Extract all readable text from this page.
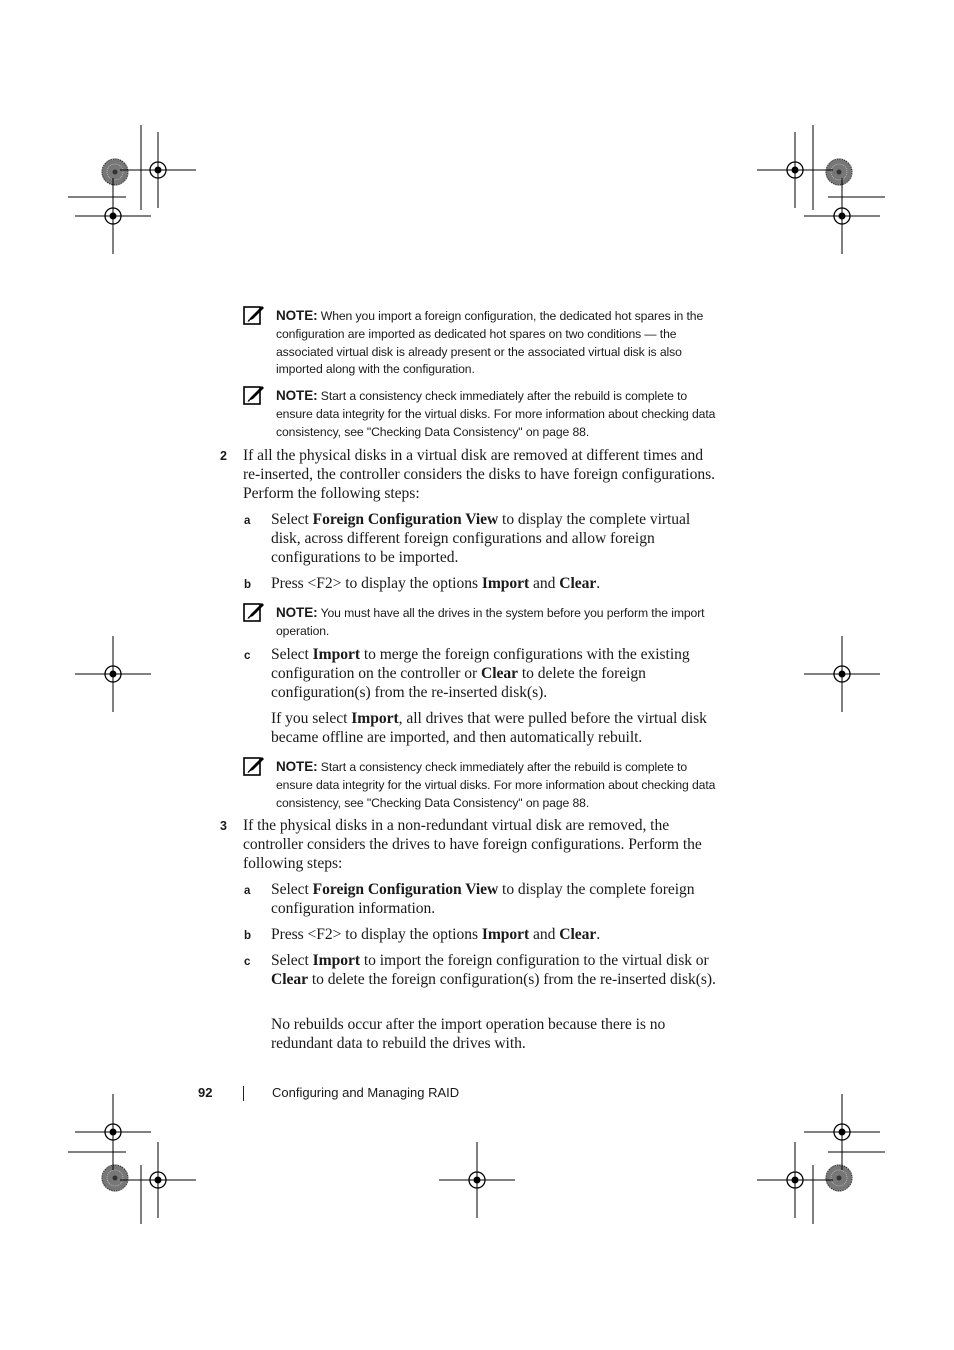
NOTE: When you import a foreign configuration, the dedicated hot spares in the configuration are imported as dedicated hot spares on two conditions — the associated virtual disk is already present or the associated virtual disk is also imported along with the configuration.
NOTE: Start a consistency check immediately after the rebuild is complete to ensure data integrity for the virtual disks. For more information about checking data consistency, see "Checking Data Consistency" on page 88.
2 If all the physical disks in a virtual disk are removed at different times and re-inserted, the controller considers the disks to have foreign configurations. Perform the following steps:
a Select Foreign Configuration View to display the complete virtual disk, across different foreign configurations and allow foreign configurations to be imported.
b Press <F2> to display the options Import and Clear.
NOTE: You must have all the drives in the system before you perform the import operation.
c Select Import to merge the foreign configurations with the existing configuration on the controller or Clear to delete the foreign configuration(s) from the re-inserted disk(s).
If you select Import, all drives that were pulled before the virtual disk became offline are imported, and then automatically rebuilt.
NOTE: Start a consistency check immediately after the rebuild is complete to ensure data integrity for the virtual disks. For more information about checking data consistency, see "Checking Data Consistency" on page 88.
3 If the physical disks in a non-redundant virtual disk are removed, the controller considers the drives to have foreign configurations. Perform the following steps:
a Select Foreign Configuration View to display the complete foreign configuration information.
b Press <F2> to display the options Import and Clear.
c Select Import to import the foreign configuration to the virtual disk or Clear to delete the foreign configuration(s) from the re-inserted disk(s).
No rebuilds occur after the import operation because there is no redundant data to rebuild the drives with.
92	Configuring and Managing RAID
